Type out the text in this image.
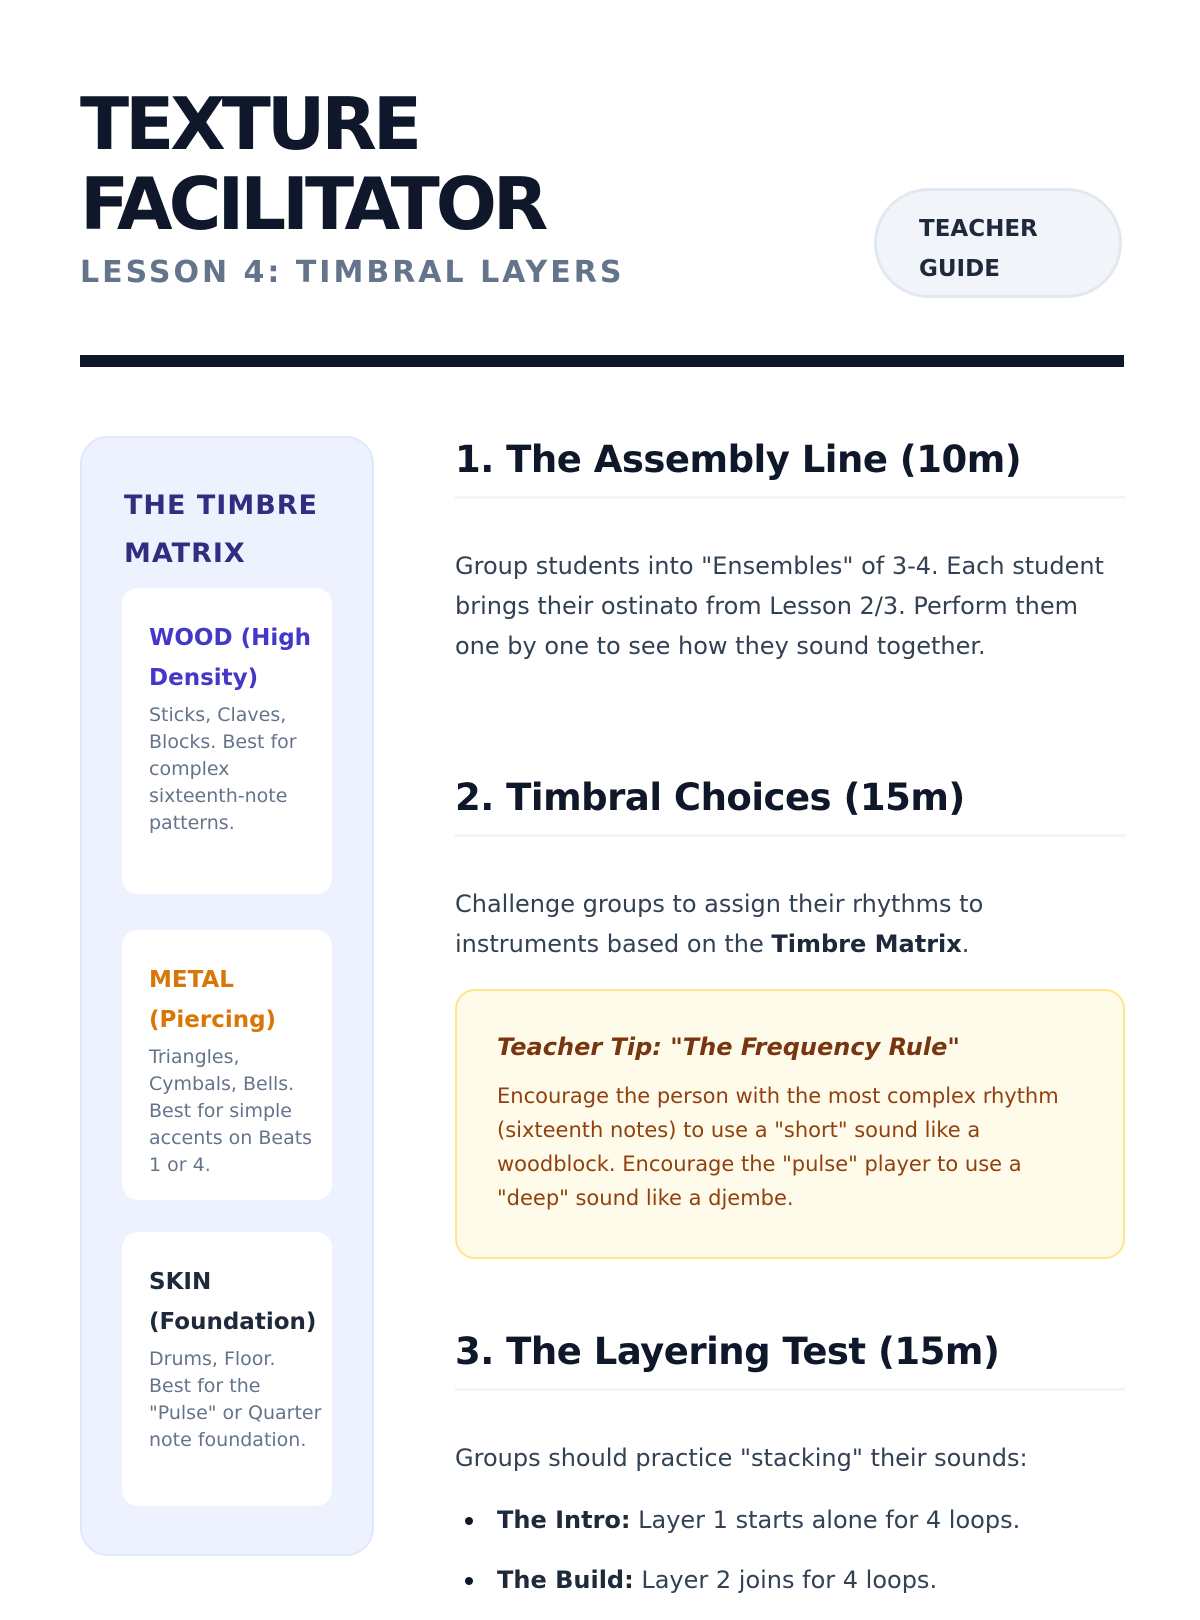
TEXTURE
FACILITATOR
LESSON 4: TIMBRAL LAYERS
TEACHER
GUIDE
THE TIMBRE
MATRIX
WOOD (High Density)

Sticks, Claves, Blocks. Best for complex sixteenth-note patterns.

METAL (Piercing)

Triangles, Cymbals, Bells. Best for simple accents on Beats 1 or 4.

SKIN (Foundation)

Drums, Floor. Best for the "Pulse" or Quarter note foundation.

1. The Assembly Line (10m)

Group students into "Ensembles" of 3-4. Each student brings their ostinato from Lesson 2/3. Perform them one by one to see how they sound together.

2. Timbral Choices (15m)

Challenge groups to assign their rhythms to instruments based on the Timbre Matrix.

Teacher Tip: "The Frequency Rule"

Encourage the person with the most complex rhythm (sixteenth notes) to use a "short" sound like a woodblock. Encourage the "pulse" player to use a "deep" sound like a djembe.

3. The Layering Test (15m)

Groups should practice "stacking" their sounds:

The Intro: Layer 1 starts alone for 4 loops.
The Build: Layer 2 joins for 4 loops.
